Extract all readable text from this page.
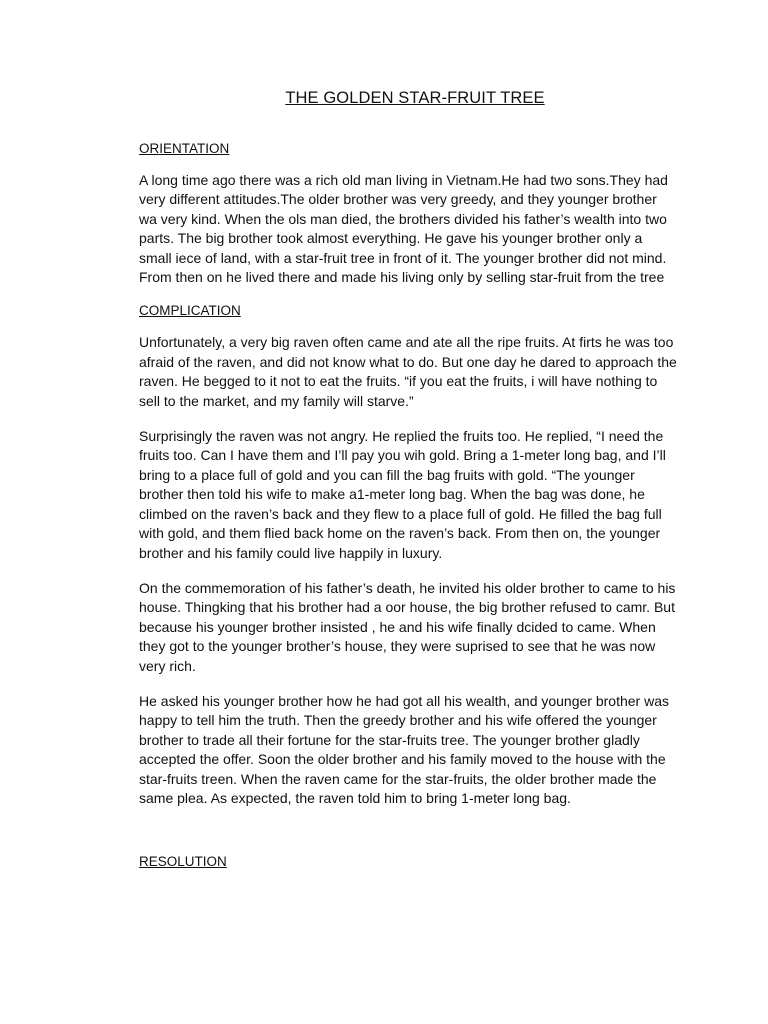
THE GOLDEN STAR-FRUIT TREE
ORIENTATION

A long time ago there was a rich old man living in Vietnam.He had two sons.They had very different attitudes.The older brother was very greedy, and they younger brother wa very kind. When the ols man died, the brothers divided his father’s wealth into two parts. The big brother took almost everything. He gave his younger brother only a small iece of land, with a star-fruit tree in front of it. The younger brother did not mind. From then on he lived there and made his living only by selling star-fruit from the tree

COMPLICATION

Unfortunately, a very big raven often came and ate all the ripe fruits. At firts he was too afraid of the raven, and did not know what to do. But one day he dared to approach the raven. He begged to it not to eat the fruits. “if you eat the fruits, i will have nothing to sell to the market, and my family will starve.”

Surprisingly the raven was not angry. He replied the fruits too. He replied, “I need the fruits too. Can I have them and I’ll pay you wih gold. Bring a 1-meter long bag, and I’ll bring to a place full of gold and you can fill the bag fruits with gold. “The younger brother then told his wife to make a1-meter long bag. When the bag was done, he climbed on the raven’s back and they flew to a place full of gold. He filled the bag full with gold, and them flied back home on the raven’s back. From then on, the younger brother and his family could live happily in luxury.

On the commemoration of his father’s death, he invited his older brother to came to his house. Thingking that his brother had a oor house, the big brother refused to camr. But because his younger brother insisted , he and his wife finally dcided to came. When they got to the younger brother’s house, they were suprised to see that he was now very rich.

He asked his younger brother how he had got all his wealth, and younger brother was happy to tell him the truth. Then the greedy brother and his wife offered the younger brother to trade all their fortune for the star-fruits tree. The younger brother gladly accepted the offer. Soon the older brother and his family moved to the house with the star-fruits treen. When the raven came for the star-fruits, the older brother made the same plea. As expected, the raven told him to bring 1-meter long bag.

RESOLUTION
